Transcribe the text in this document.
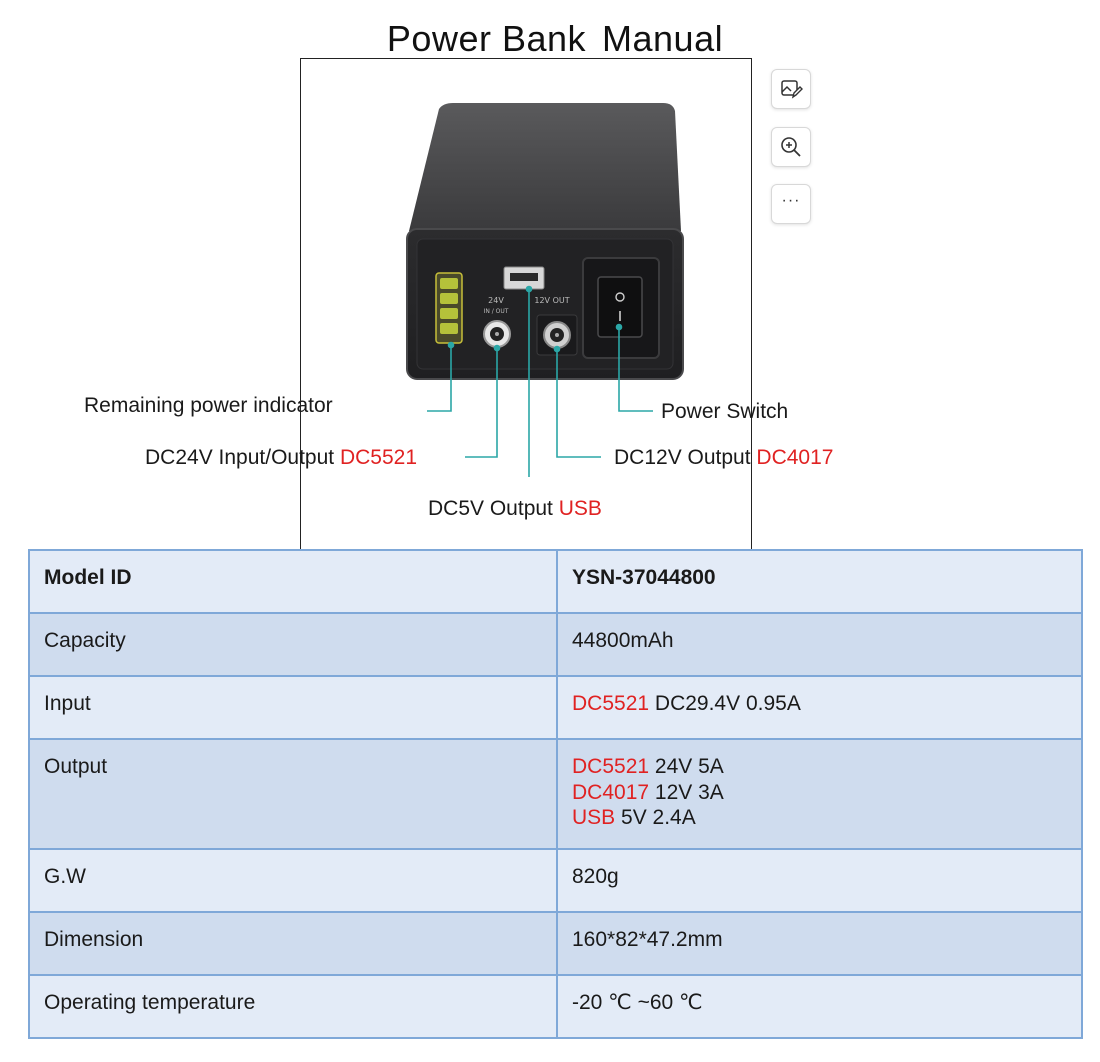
Power Bank Manual
24V
IN / OUT
12V OUT
Remaining power indicator	Power Switch
DC24V Input/Output DC5521	DC12V Output DC4017
DC5V Output USB
···
Model ID	YSN-37044800
Capacity	44800mAh
Input	DC5521 DC29.4V 0.95A
Output	DC5521 24V 5A
DC4017 12V 3A
USB 5V 2.4A

G.W	820g
Dimension	160*82*47.2mm
Operating temperature	-20 ℃ ~60 ℃
